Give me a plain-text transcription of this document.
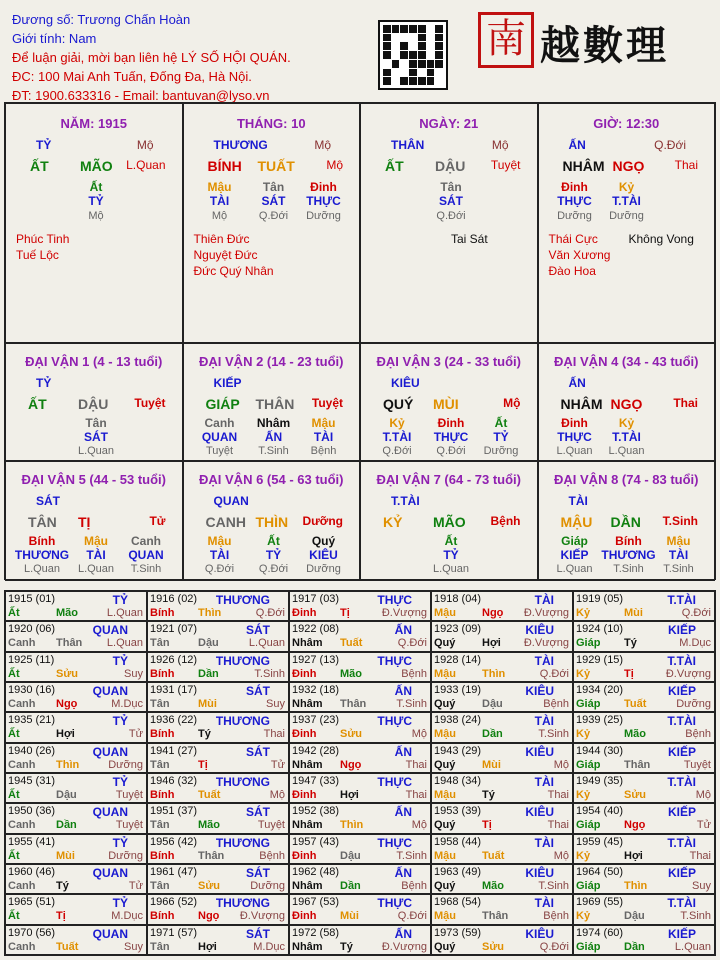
Đương số: Trương Chấn Hoàn
Giới tính: Nam
Để luận giải, mời bạn liên hệ LÝ SỐ HỘI QUÁN.
ĐC: 100 Mai Anh Tuấn, Đống Đa, Hà Nội.
ĐT: 1900.633316 - Email: bantuvan@lyso.vn
南 越數理
NĂM: 1915
TỶ	Mộ
ẤT MÃO L.Quan
Ất
TỶ
Mộ
Phúc Tinh
Tuế Lộc
THÁNG: 10
THƯƠNG	Mộ
BÍNH TUẤT	Mộ
Mậu
TÀI
Mộ
Tân
SÁT
Q.Đới
Đinh
THỰC
Dưỡng
Thiên Đức
Nguyệt Đức
Đức Quý Nhân
NGÀY: 21
THÂN	Mộ
ẤT DẬU Tuyệt
Tân
SÁT
Q.Đới
Tai Sát
GIỜ: 12:30
ẤN	Q.Đới
NHÂM NGỌ	Thai
Đinh
THỰC
Dưỡng
Kỷ
T.TÀI
Dưỡng
Thái Cực
Văn Xương
Đào Hoa
Không Vong
ĐẠI VẬN 1 (4 - 13 tuổi)
TỶ
ẤT DẬU Tuyệt
Tân
SÁT
L.Quan
ĐẠI VẬN 2 (14 - 23 tuổi)
KIẾP
GIÁP THÂN Tuyệt
Canh
QUAN
Tuyệt
Nhâm
ẤN
T.Sinh
Mậu
TÀI
Bệnh
ĐẠI VẬN 3 (24 - 33 tuổi)
KIÊU
QUÝ MÙI	Mộ
Kỷ
T.TÀI
Q.Đới
Đinh
THỰC
Q.Đới
Ất
TỶ
Dưỡng
ĐẠI VẬN 4 (34 - 43 tuổi)
ẤN
NHÂM NGỌ	Thai
Đinh
THỰC
L.Quan
Kỷ
T.TÀI
L.Quan
ĐẠI VẬN 5 (44 - 53 tuổi)
SÁT
TÂN TỊ	Tử
Bính
THƯƠNG
L.Quan
Mậu
TÀI
L.Quan
Canh
QUAN
T.Sinh
ĐẠI VẬN 6 (54 - 63 tuổi)
QUAN
CANH THÌN Dưỡng
Mậu
TÀI
Q.Đới
Ất
TỶ
Q.Đới
Quý
KIÊU
Dưỡng
ĐẠI VẬN 7 (64 - 73 tuổi)
T.TÀI
KỶ MÃO Bệnh
Ất
TỶ
L.Quan
ĐẠI VẬN 8 (74 - 83 tuổi)
TÀI
MẬU DẦN T.Sinh
Giáp
KIẾP
L.Quan
Bính
THƯƠNG
T.Sinh
Mậu
TÀI
T.Sinh
1915 (01)	TỶ
Ất	Mão	L.Quan
1916 (02) THƯƠNG
Bính Thìn	Q.Đới
1917 (03)	THỰC
Đinh Tị	Đ.Vượng
1918 (04)	TÀI
Mậu Ngọ Đ.Vượng
1919 (05)	T.TÀI
Kỷ	Mùi	Q.Đới
1920 (06)	QUAN
Canh Thân L.Quan
1921 (07)	SÁT
Tân	Dậu	L.Quan
1922 (08)	ẤN
Nhâm Tuất	Q.Đới
1923 (09)	KIÊU
Quý Hợi Đ.Vượng
1924 (10)	KIẾP
Giáp Tý	M.Dục
1925 (11)	TỶ
Ất	Sửu	Suy
1926 (12) THƯƠNG
Bính Dần	T.Sinh
1927 (13)	THỰC
Đinh Mão	Bệnh
1928 (14)	TÀI
Mậu Thìn	Q.Đới
1929 (15)	T.TÀI
Kỷ	Tị	Đ.Vượng
1930 (16)	QUAN
Canh Ngọ	M.Dục
1931 (17)	SÁT
Tân	Mùi	Suy
1932 (18)	ẤN
Nhâm Thân	T.Sinh
1933 (19)	KIÊU
Quý Dậu	Bệnh
1934 (20)	KIẾP
Giáp Tuất	Dưỡng
1935 (21)	TỶ
Ất	Hợi	Tử
1936 (22) THƯƠNG
Bính Tý	Thai
1937 (23)	THỰC
Đinh Sửu	Mộ
1938 (24)	TÀI
Mậu Dần	T.Sinh
1939 (25)	T.TÀI
Kỷ	Mão	Bệnh
1940 (26)	QUAN
Canh Thìn	Dưỡng
1941 (27)	SÁT
Tân	Tị	Tử
1942 (28)	ẤN
Nhâm Ngọ	Thai
1943 (29)	KIÊU
Quý Mùi	Mộ
1944 (30)	KIẾP
Giáp Thân	Tuyệt
1945 (31)	TỶ
Ất	Dậu	Tuyệt
1946 (32) THƯƠNG
Bính Tuất	Mộ
1947 (33)	THỰC
Đinh Hợi	Thai
1948 (34)	TÀI
Mậu Tý	Thai
1949 (35)	T.TÀI
Kỷ	Sửu	Mộ
1950 (36)	QUAN
Canh Dần	Tuyệt
1951 (37)	SÁT
Tân	Mão	Tuyệt
1952 (38)	ẤN
Nhâm Thìn	Mộ
1953 (39)	KIÊU
Quý Tị	Thai
1954 (40)	KIẾP
Giáp Ngọ	Tử
1955 (41)	TỶ
Ất	Mùi	Dưỡng
1956 (42) THƯƠNG
Bính Thân	Bệnh
1957 (43)	THỰC
Đinh Dậu	T.Sinh
1958 (44)	TÀI
Mậu Tuất	Mộ
1959 (45)	T.TÀI
Kỷ	Hợi	Thai
1960 (46)	QUAN
Canh Tý	Tử
1961 (47)	SÁT
Tân	Sửu	Dưỡng
1962 (48)	ẤN
Nhâm Dần	Bệnh
1963 (49)	KIÊU
Quý Mão	T.Sinh
1964 (50)	KIẾP
Giáp Thìn	Suy
1965 (51)	TỶ
Ất	Tị	M.Dục
1966 (52) THƯƠNG
Bính Ngọ Đ.Vượng
1967 (53)	THỰC
Đinh Mùi	Q.Đới
1968 (54)	TÀI
Mậu Thân	Bệnh
1969 (55)	T.TÀI
Kỷ	Dậu	T.Sinh
1970 (56)	QUAN
Canh Tuất	Suy
1971 (57)	SÁT
Tân	Hợi	M.Dục
1972 (58)	ẤN
Nhâm Tý	Đ.Vượng
1973 (59)	KIÊU
Quý Sửu	Q.Đới
1974 (60)	KIẾP
Giáp Dần	L.Quan
